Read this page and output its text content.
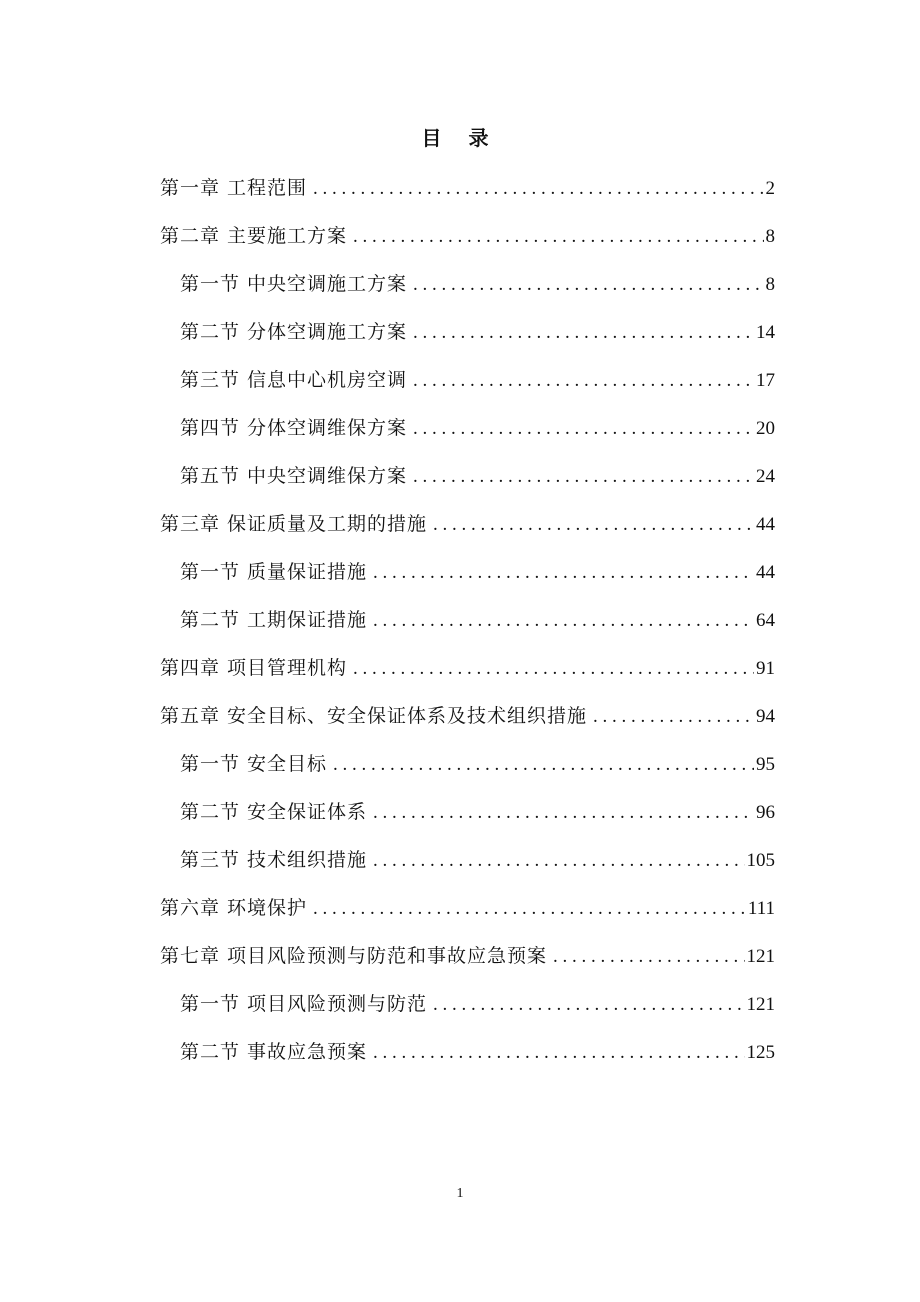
目 录
第一章 工程范围 . . .	2
第二章 主要施工方案 . . .	8
第一节 中央空调施工方案 . . .	8
第二节 分体空调施工方案 . . .	14
第三节 信息中心机房空调 . . .	17
第四节 分体空调维保方案 . . .	20
第五节 中央空调维保方案 . . .	24
第三章 保证质量及工期的措施 . . .	44
第一节 质量保证措施 . . .	44
第二节 工期保证措施 . . .	64
第四章 项目管理机构 . . .	91
第五章 安全目标、安全保证体系及技术组织措施 . . .	94
第一节 安全目标 . . .	95
第二节 安全保证体系 . . .	96
第三节 技术组织措施 . . .	105
第六章 环境保护 . . .	111
第七章 项目风险预测与防范和事故应急预案 . . .	121
第一节 项目风险预测与防范 . . .	121
第二节 事故应急预案 . . .	125
1
